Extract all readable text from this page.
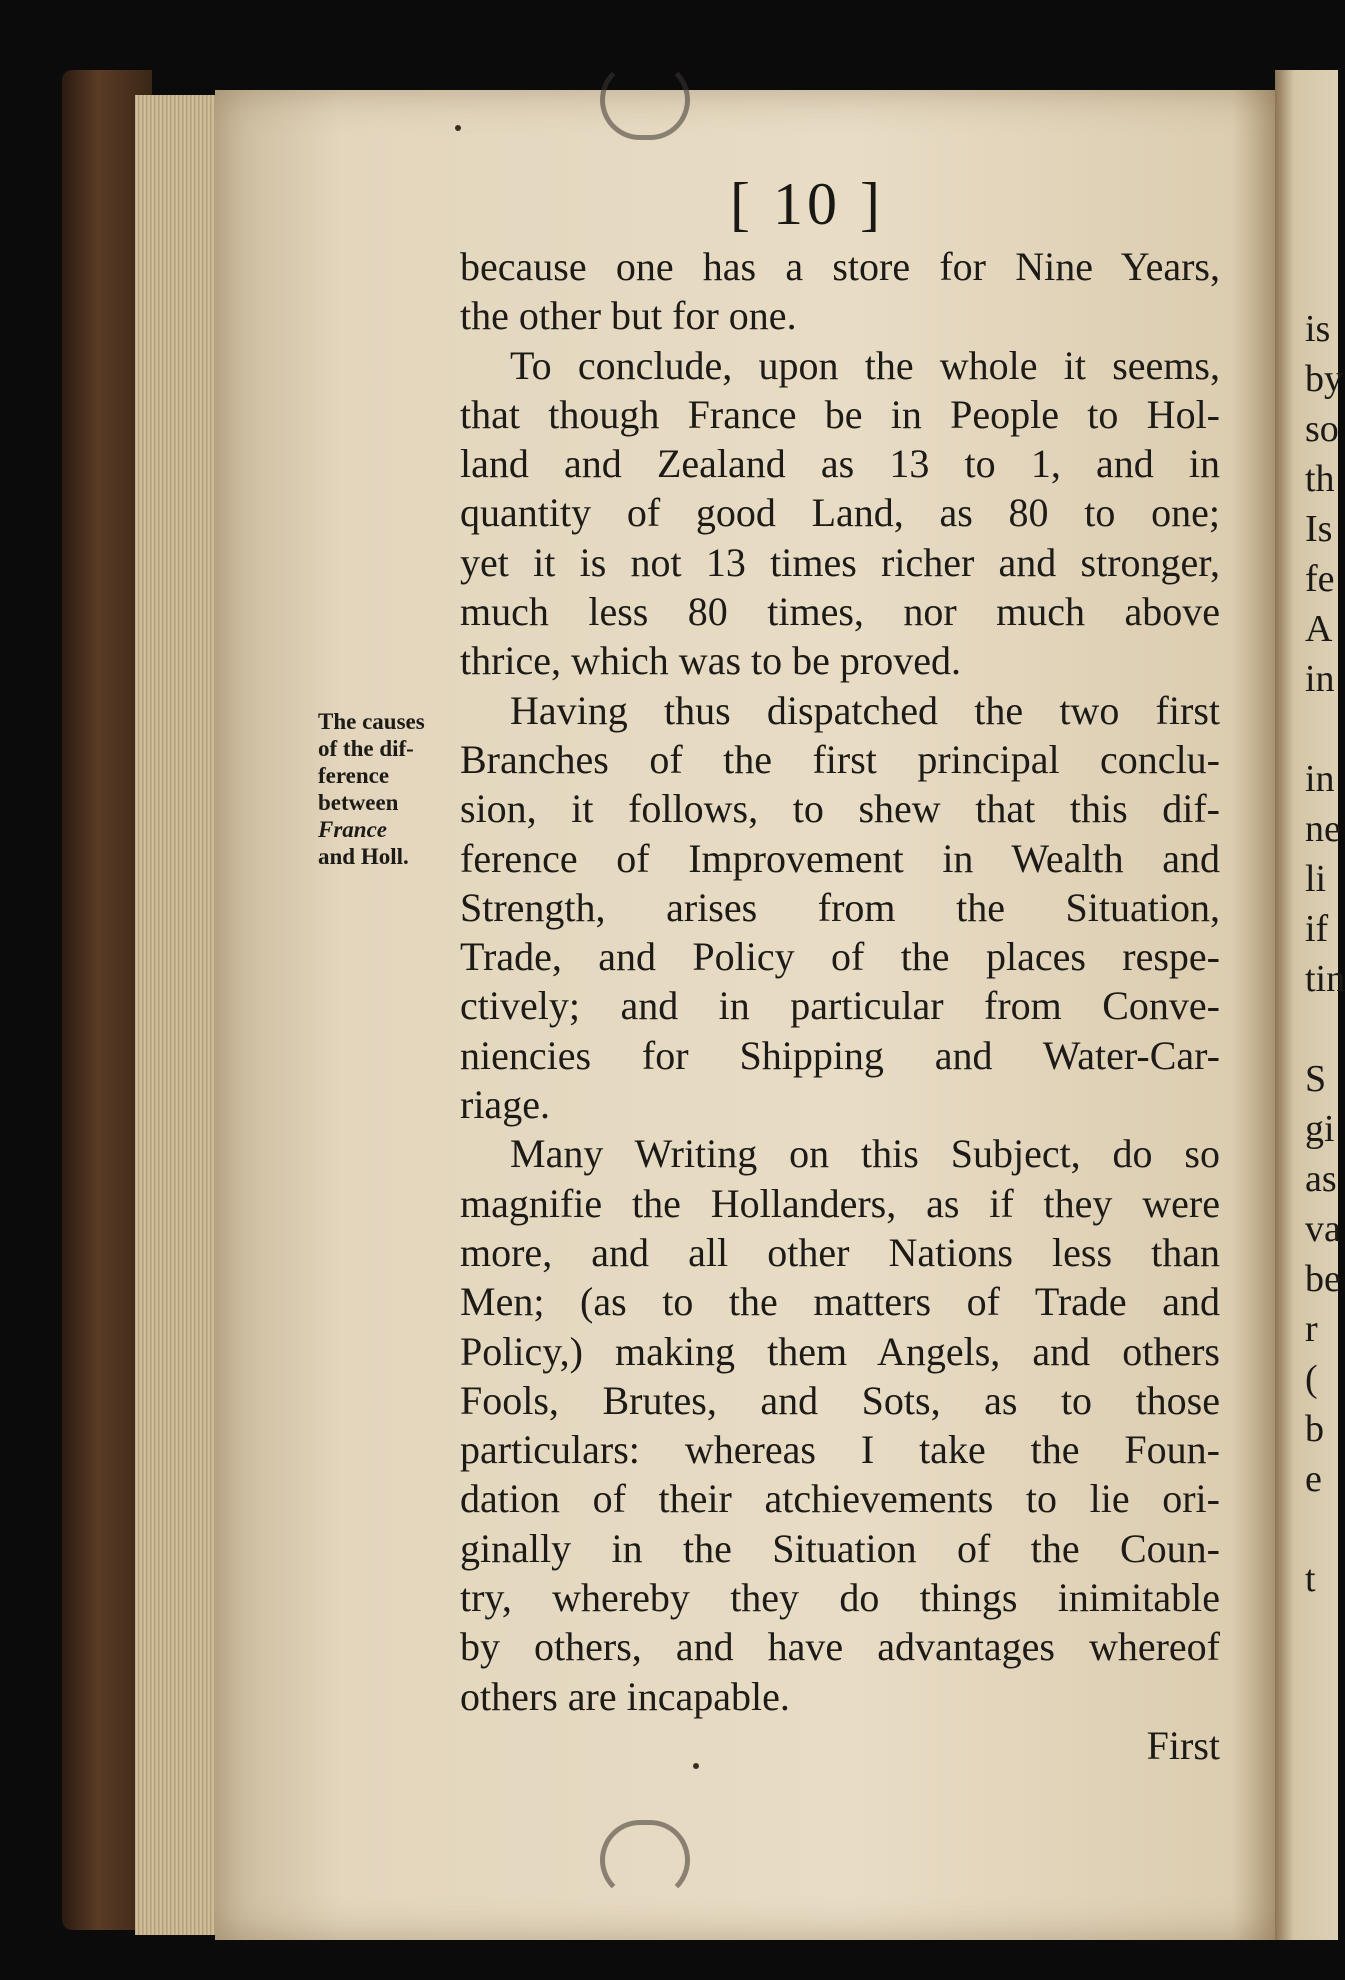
is
by
so
th
Is
fe
A
in
in
ne
li
if
tin
S
gi
as
va
be
r
(
b
e
t
[ 10 ]
The causes
of the dif-
ference
between
France
and Holl.
because one has a store for Nine Years,
the other but for one.
To conclude, upon the whole it seems,
that though France be in People to Hol-
land and Zealand as 13 to 1, and in
quantity of good Land, as 80 to one;
yet it is not 13 times richer and stronger,
much less 80 times, nor much above
thrice, which was to be proved.
Having thus dispatched the two first
Branches of the first principal conclu-
sion, it follows, to shew that this dif-
ference of Improvement in Wealth and
Strength, arises from the Situation,
Trade, and Policy of the places respe-
ctively; and in particular from Conve-
niencies for Shipping and Water-Car-
riage.
Many Writing on this Subject, do so
magnifie the Hollanders, as if they were
more, and all other Nations less than
Men; (as to the matters of Trade and
Policy,) making them Angels, and others
Fools, Brutes, and Sots, as to those
particulars: whereas I take the Foun-
dation of their atchievements to lie ori-
ginally in the Situation of the Coun-
try, whereby they do things inimitable
by others, and have advantages whereof
others are incapable.
First
